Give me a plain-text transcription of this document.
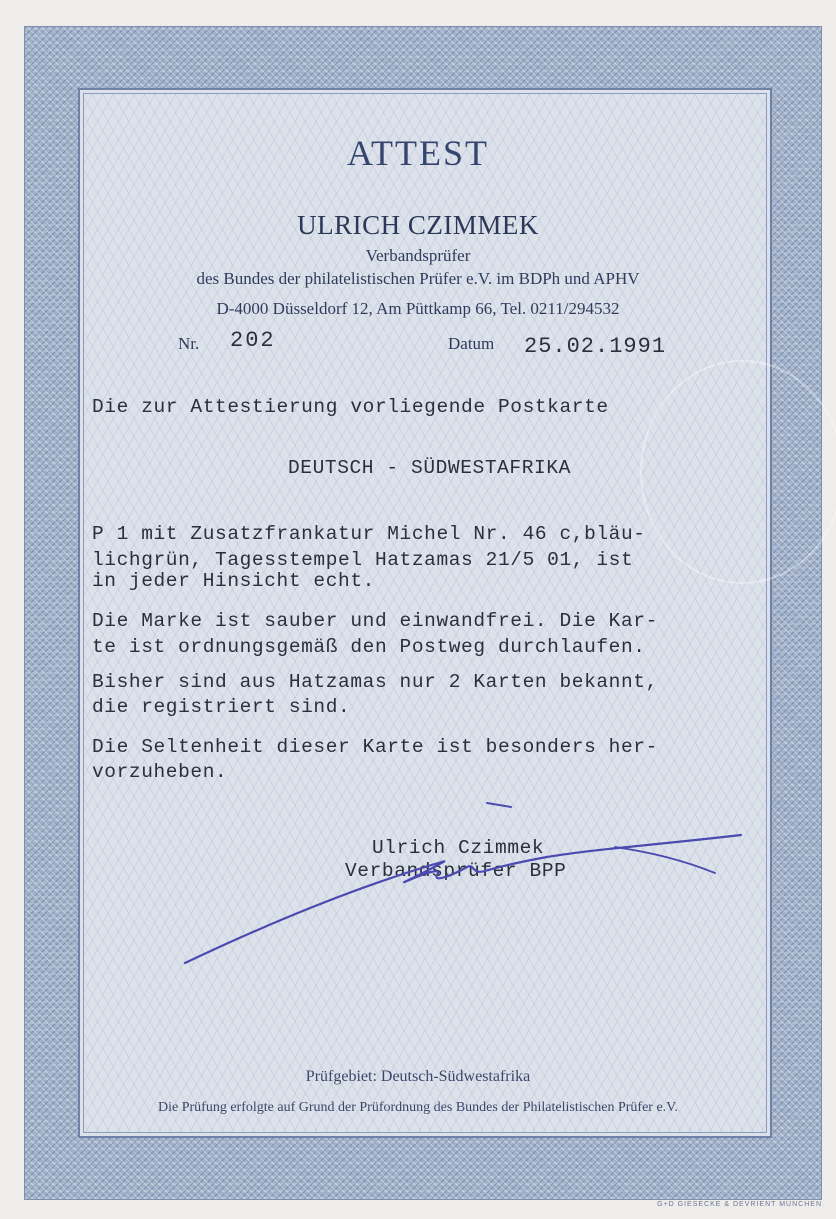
ATTEST
ULRICH CZIMMEK
Verbandsprüfer
des Bundes der philatelistischen Prüfer e.V. im BDPh und APHV
D-4000 Düsseldorf 12, Am Püttkamp 66, Tel. 0211/294532
Nr. 202	Datum 25.02.1991
Die zur Attestierung vorliegende Postkarte
DEUTSCH - SÜDWESTAFRIKA
P 1 mit Zusatzfrankatur Michel Nr. 46 c,bläu-
lichgrün, Tagesstempel Hatzamas 21/5 01, ist
in jeder Hinsicht echt.
Die Marke ist sauber und einwandfrei. Die Kar-
te ist ordnungsgemäß den Postweg durchlaufen.
Bisher sind aus Hatzamas nur 2 Karten bekannt,
die registriert sind.
Die Seltenheit dieser Karte ist besonders her-
vorzuheben.
Ulrich Czimmek
Verbandsprüfer BPP
Prüfgebiet: Deutsch-Südwestafrika
Die Prüfung erfolgte auf Grund der Prüfordnung des Bundes der Philatelistischen Prüfer e.V.
G+D GIESECKE & DEVRIENT MÜNCHEN
